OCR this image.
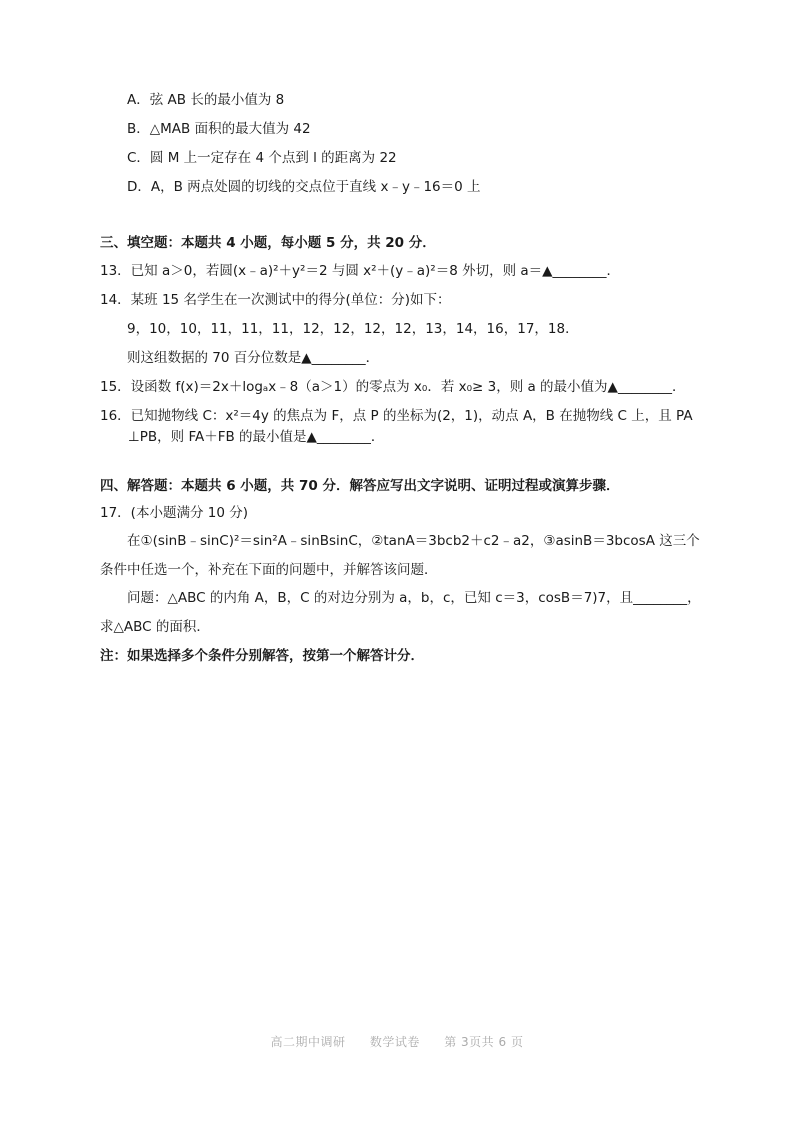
A．弦 AB 长的最小值为 8
B．△MAB 面积的最大值为 42
C．圆 M 上一定存在 4 个点到 l 的距离为 22
D．A，B 两点处圆的切线的交点位于直线 x﹣y﹣16＝0 上
三、填空题：本题共 4 小题，每小题 5 分，共 20 分．
13．已知 a＞0，若圆(x﹣a)²＋y²＝2 与圆 x²＋(y﹣a)²＝8 外切，则 a＝▲________．
14．某班 15 名学生在一次测试中的得分(单位：分)如下：
9，10，10，11，11，11，12，12，12，12，13，14，16，17，18．
则这组数据的 70 百分位数是▲________．
15．设函数 f(x)＝2x＋logₐx﹣8（a＞1）的零点为 x₀．若 x₀≥ 3，则 a 的最小值为▲________．
16．已知抛物线 C：x²＝4y 的焦点为 F，点 P 的坐标为(2，1)，动点 A，B 在抛物线 C 上，且 PA
⊥PB，则 FA＋FB 的最小值是▲________．
四、解答题：本题共 6 小题，共 70 分．解答应写出文字说明、证明过程或演算步骤．
17．(本小题满分 10 分)
在①(sinB﹣sinC)²＝sin²A﹣sinBsinC，②tanA＝3bcb2＋c2﹣a2，③asinB＝3bcosA 这三个
条件中任选一个，补充在下面的问题中，并解答该问题．
问题：△ABC 的内角 A，B，C 的对边分别为 a，b，c，已知 c＝3，cosB＝7)7，且________，
求△ABC 的面积．
注：如果选择多个条件分别解答，按第一个解答计分．
高二期中调研 数学试卷 第 3页共 6 页
